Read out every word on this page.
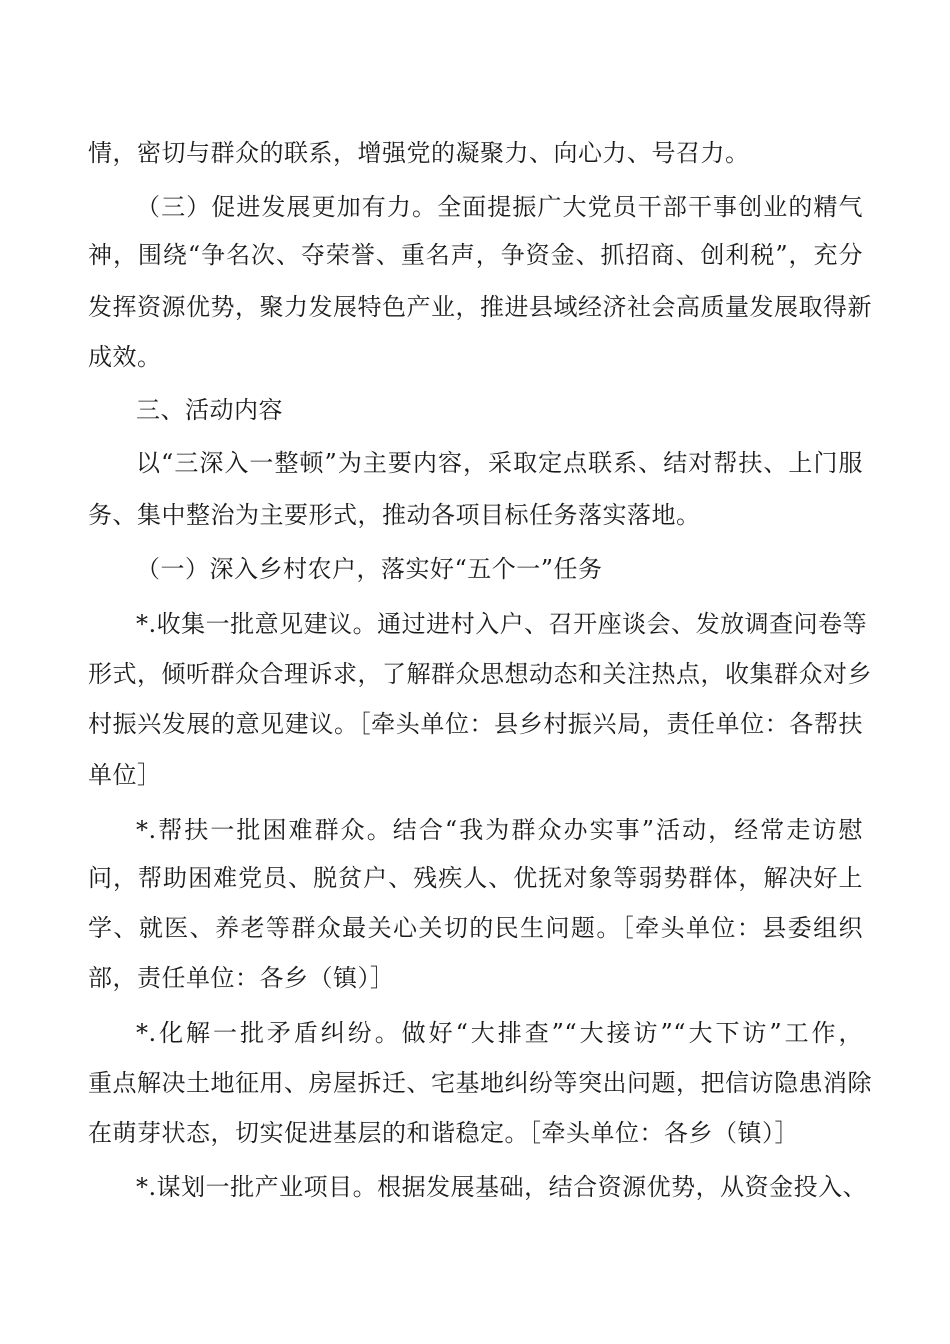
情，密切与群众的联系，增强党的凝聚力、向心力、号召力。
（三）促进发展更加有力。全面提振广大党员干部干事创业的精气
神，围绕“争名次、夺荣誉、重名声，争资金、抓招商、创利税”，充分
发挥资源优势，聚力发展特色产业，推进县域经济社会高质量发展取得新
成效。
三、活动内容
以“三深入一整顿”为主要内容，采取定点联系、结对帮扶、上门服
务、集中整治为主要形式，推动各项目标任务落实落地。
（一）深入乡村农户，落实好“五个一”任务
*.收集一批意见建议。通过进村入户、召开座谈会、发放调查问卷等
形式，倾听群众合理诉求，了解群众思想动态和关注热点，收集群众对乡
村振兴发展的意见建议。［牵头单位：县乡村振兴局，责任单位：各帮扶
单位］
*.帮扶一批困难群众。结合“我为群众办实事”活动，经常走访慰
问，帮助困难党员、脱贫户、残疾人、优抚对象等弱势群体，解决好上
学、就医、养老等群众最关心关切的民生问题。［牵头单位：县委组织
部，责任单位：各乡（镇）］
*.化解一批矛盾纠纷。做好“大排查”“大接访”“大下访”工作，
重点解决土地征用、房屋拆迁、宅基地纠纷等突出问题，把信访隐患消除
在萌芽状态，切实促进基层的和谐稳定。［牵头单位：各乡（镇）］
*.谋划一批产业项目。根据发展基础，结合资源优势，从资金投入、
